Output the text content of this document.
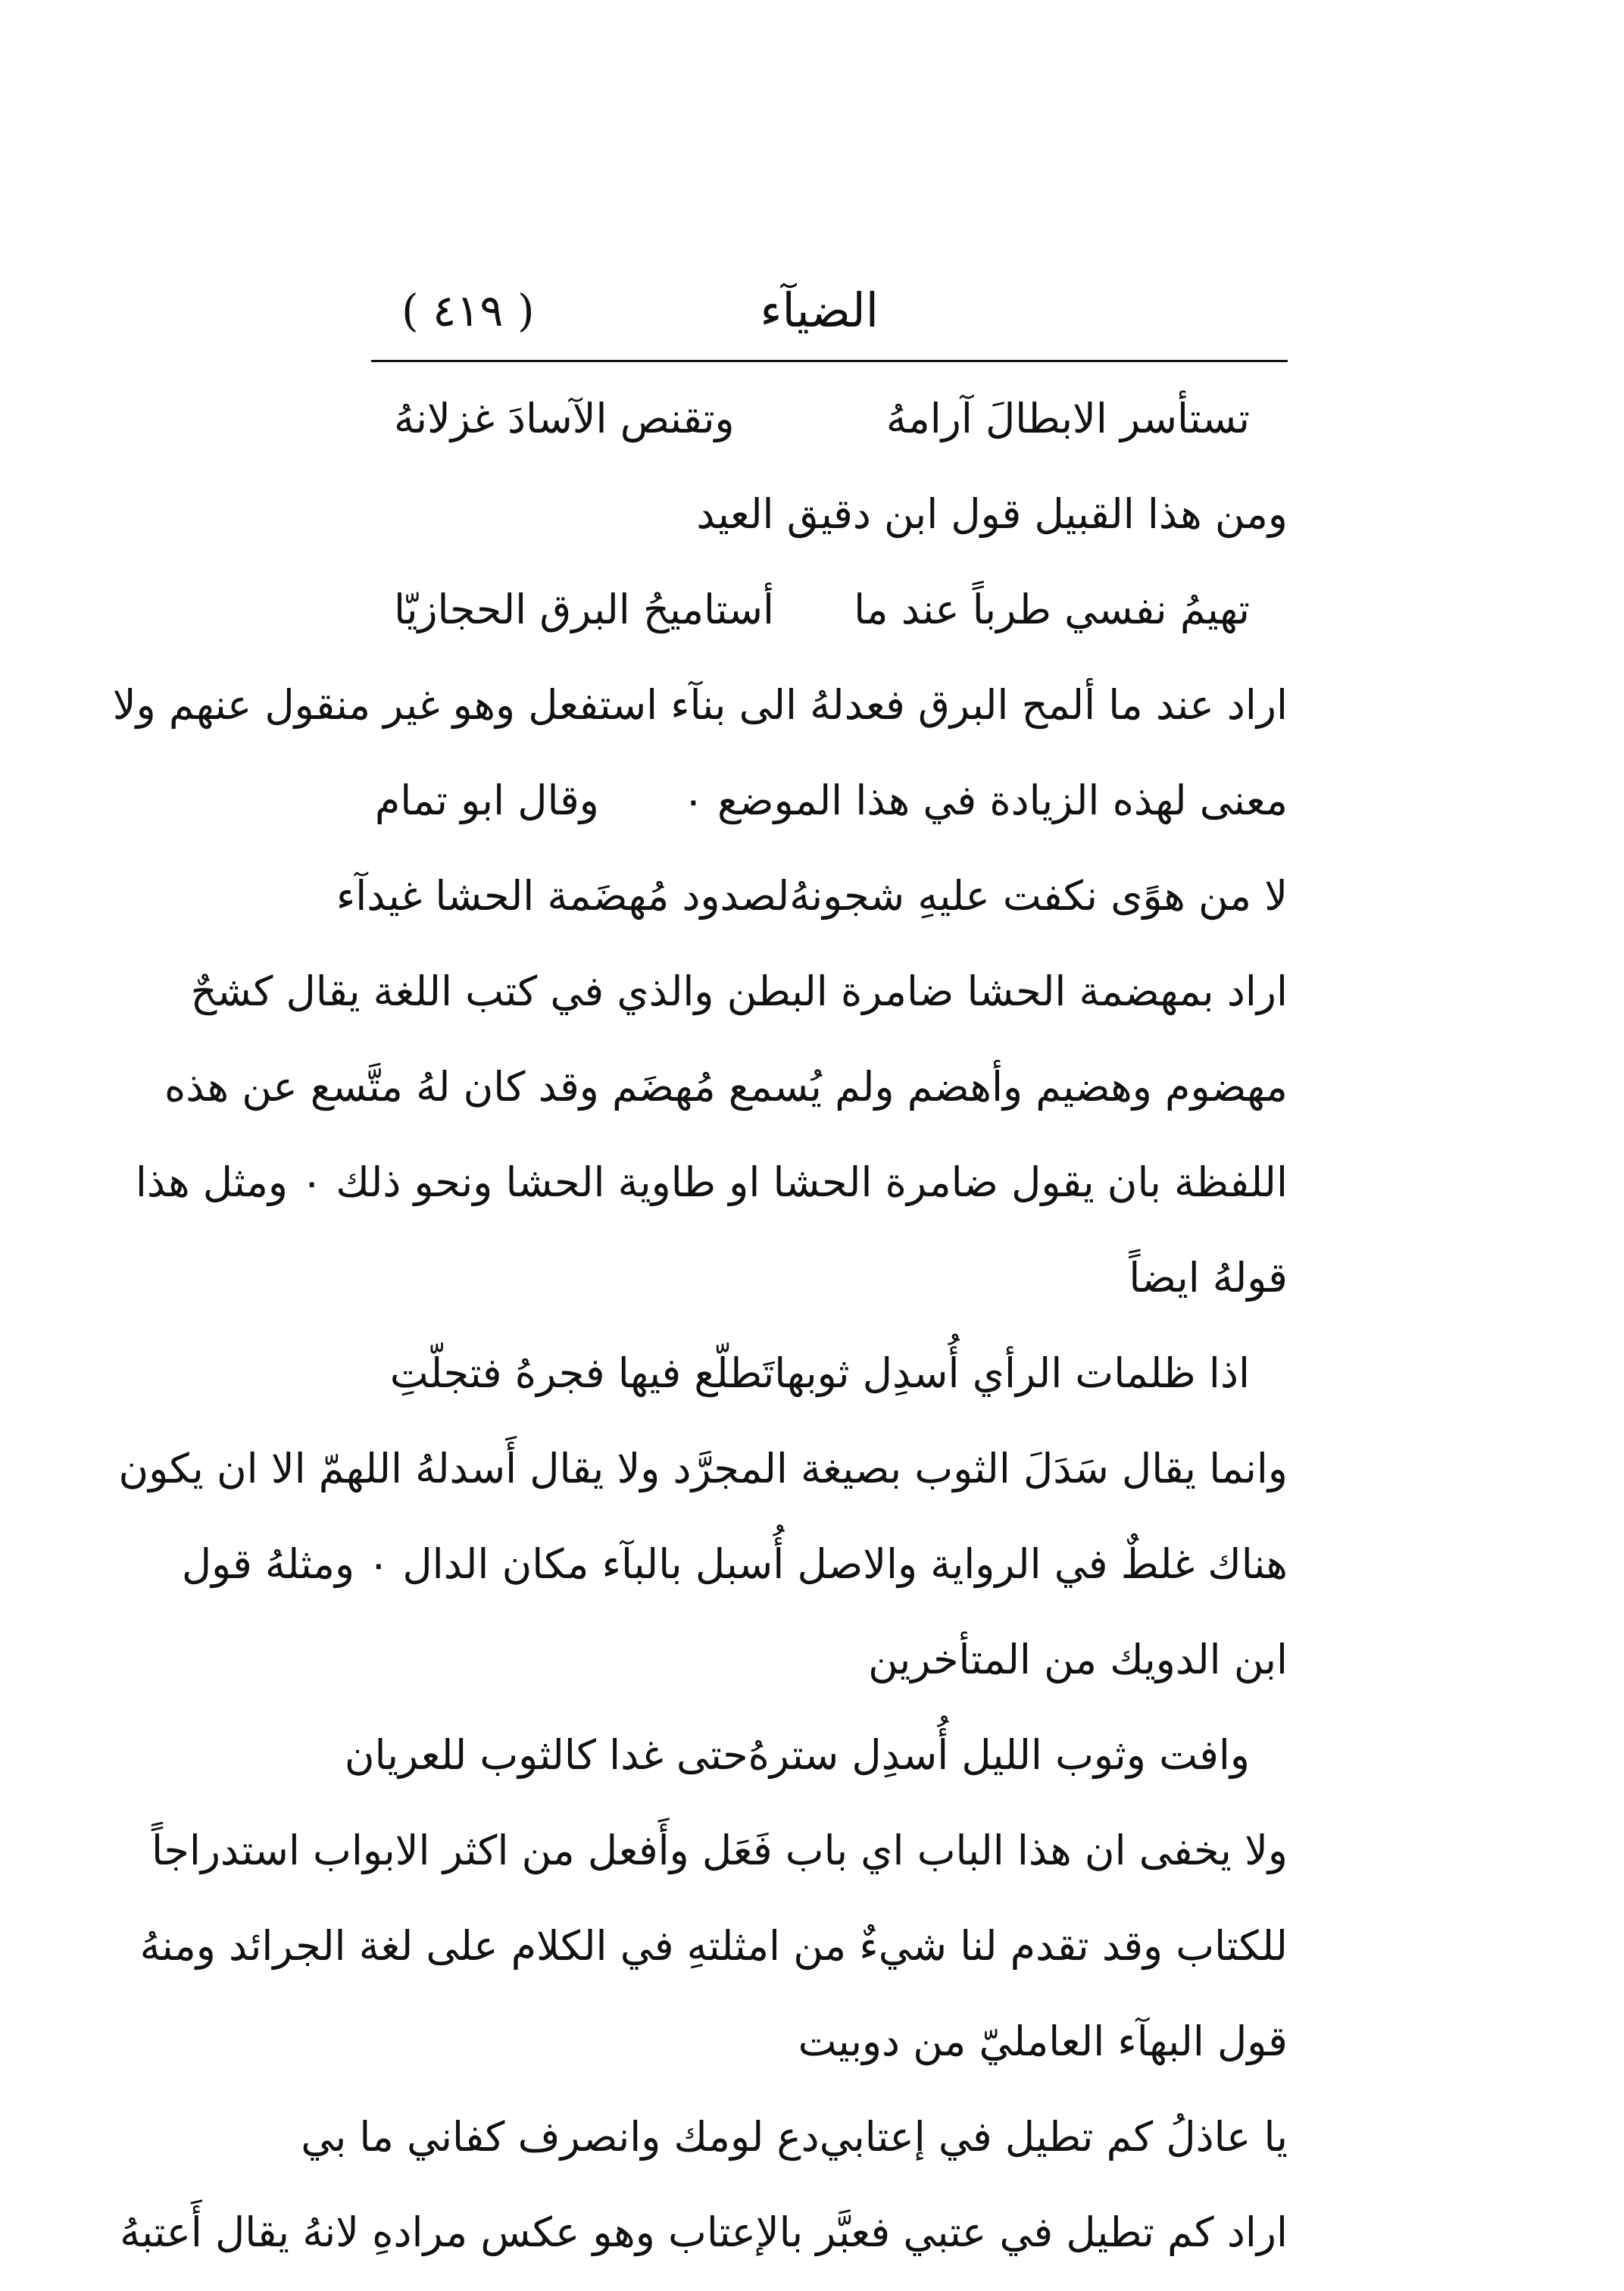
الضيآء
( ٤١٩ )
تستأسر الابطالَ آرامهُ
وتقنص الآسادَ غزلانهُ
ومن هذا القبيل قول ابن دقيق العيد
تهيمُ نفسي طرباً عند ما
أستاميحُ البرق الحجازيّا
اراد عند ما ألمح البرق فعدلهُ الى بنآء استفعل وهو غير منقول عنهم ولا
معنى لهذه الزيادة في هذا الموضع ٠
وقال ابو تمام
لا من هوًى نكفت عليهِ شجونهُ
لصدود مُهضَمة الحشا غيدآء
اراد بمهضمة الحشا ضامرة البطن والذي في كتب اللغة يقال كشحٌ
مهضوم وهضيم وأهضم ولم يُسمع مُهضَم وقد كان لهُ متَّسع عن هذه
اللفظة بان يقول ضامرة الحشا او طاوية الحشا ونحو ذلك ٠ ومثل هذا
قولهُ ايضاً
اذا ظلمات الرأي أُسدِل ثوبها
تَطلّع فيها فجرهُ فتجلّتِ
وانما يقال سَدَلَ الثوب بصيغة المجرَّد ولا يقال أَسدلهُ اللهمّ الا ان يكون
هناك غلطٌ في الرواية والاصل أُسبل بالبآء مكان الدال ٠ ومثلهُ قول
ابن الدويك من المتأخرين
وافت وثوب الليل أُسدِل سترهُ
حتى غدا كالثوب للعريان
ولا يخفى ان هذا الباب اي باب فَعَل وأَفعل من اكثر الابواب استدراجاً
للكتاب وقد تقدم لنا شيءٌ من امثلتهِ في الكلام على لغة الجرائد ومنهُ
قول البهآء العامليّ من دوبيت
يا عاذلُ كم تطيل في إعتابي
دع لومك وانصرف كفاني ما بي
اراد كم تطيل في عتبي فعبَّر بالإعتاب وهو عكس مرادهِ لانهُ يقال أَعتبهُ
